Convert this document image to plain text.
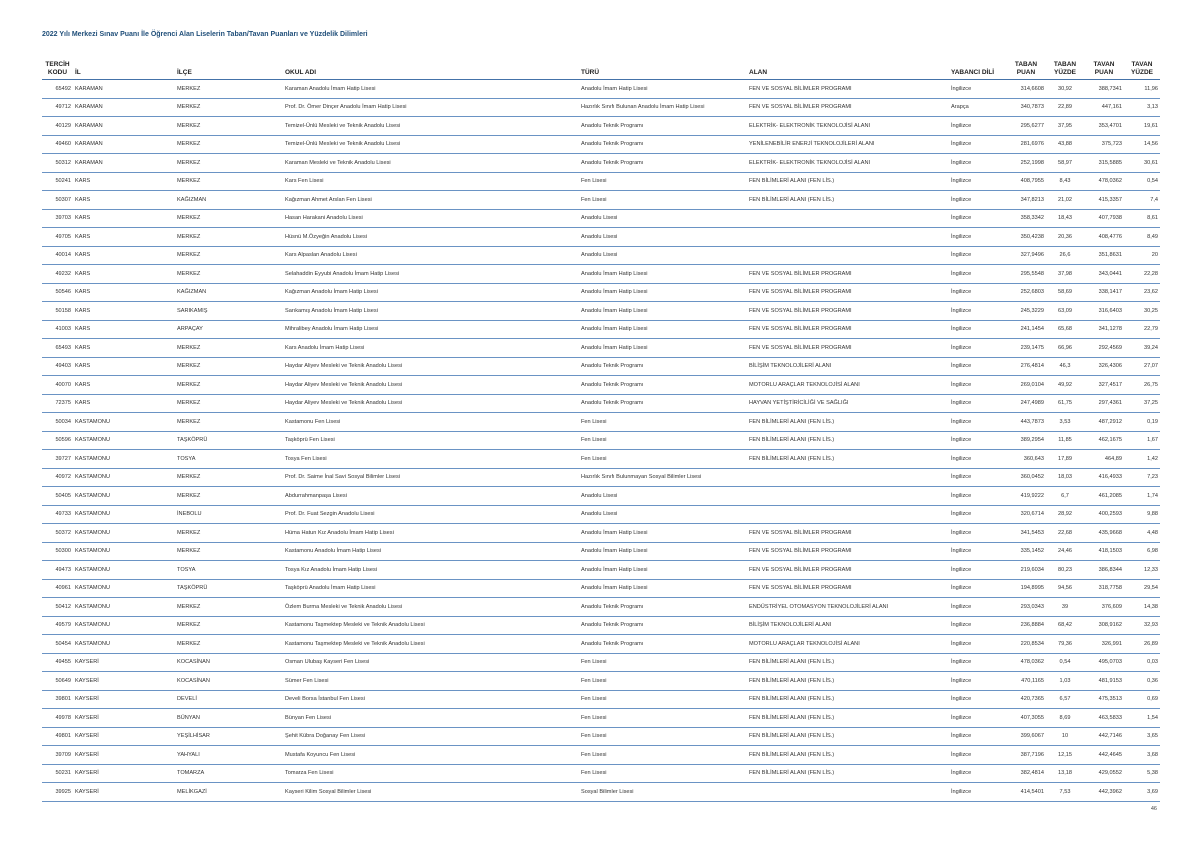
2022 Yılı Merkezi Sınav Puanı İle Öğrenci Alan Liselerin Taban/Tavan Puanları ve Yüzdelik Dilimleri
TERCİH KODU	İL	İLÇE	OKUL ADI	TÜRÜ	ALAN	YABANCI DİLİ	TABAN PUAN	TABAN YÜZDE	TAVAN PUAN	TAVAN YÜZDE
65492	KARAMAN	MERKEZ	Karaman Anadolu İmam Hatip Lisesi	Anadolu İmam Hatip Lisesi	FEN VE SOSYAL BİLİMLER PROGRAMI	İngilizce	314,6608	30,92	388,7341	11,96
49712	KARAMAN	MERKEZ	Prof. Dr. Ömer Dinçer Anadolu İmam Hatip Lisesi	Hazırlık Sınıfı Bulunan Anadolu İmam Hatip Lisesi	FEN VE SOSYAL BİLİMLER PROGRAMI	Arapça	340,7873	22,89	447,161	3,13
40129	KARAMAN	MERKEZ	Temizel-Ünlü Mesleki ve Teknik Anadolu Lisesi	Anadolu Teknik Programı	ELEKTRİK- ELEKTRONİK TEKNOLOJİSİ ALANI	İngilizce	295,6277	37,95	353,4701	19,61
49460	KARAMAN	MERKEZ	Temizel-Ünlü Mesleki ve Teknik Anadolu Lisesi	Anadolu Teknik Programı	YENİLENEBİLİR ENERJİ TEKNOLOJİLERİ ALANI	İngilizce	281,6976	43,88	375,723	14,56
50312	KARAMAN	MERKEZ	Karaman Mesleki ve Teknik Anadolu Lisesi	Anadolu Teknik Programı	ELEKTRİK- ELEKTRONİK TEKNOLOJİSİ ALANI	İngilizce	252,1998	58,97	315,5885	30,61
50241	KARS	MERKEZ	Kars Fen Lisesi	Fen Lisesi	FEN BİLİMLERİ ALANI (FEN LİS.)	İngilizce	408,7955	8,43	478,0362	0,54
50307	KARS	KAĞIZMAN	Kağızman Ahmet Arslan Fen Lisesi	Fen Lisesi	FEN BİLİMLERİ ALANI (FEN LİS.)	İngilizce	347,8213	21,02	415,3357	7,4
39703	KARS	MERKEZ	Hasan Harakani Anadolu Lisesi	Anadolu Lisesi		İngilizce	358,3342	18,43	407,7938	8,61
49705	KARS	MERKEZ	Hüsnü M.Özyeğin Anadolu Lisesi	Anadolu Lisesi		İngilizce	350,4238	20,36	408,4776	8,49
40014	KARS	MERKEZ	Kars Alpaslan Anadolu Lisesi	Anadolu Lisesi		İngilizce	327,9496	26,6	351,8631	20
49232	KARS	MERKEZ	Selahaddin Eyyubi Anadolu İmam Hatip Lisesi	Anadolu İmam Hatip Lisesi	FEN VE SOSYAL BİLİMLER PROGRAMI	İngilizce	295,5548	37,98	343,0441	22,28
50546	KARS	KAĞIZMAN	Kağızman Anadolu İmam Hatip Lisesi	Anadolu İmam Hatip Lisesi	FEN VE SOSYAL BİLİMLER PROGRAMI	İngilizce	252,6803	58,69	338,1417	23,62
50158	KARS	SARIKAMIŞ	Sarıkamış Anadolu İmam Hatip Lisesi	Anadolu İmam Hatip Lisesi	FEN VE SOSYAL BİLİMLER PROGRAMI	İngilizce	245,3229	63,09	316,6403	30,25
41003	KARS	ARPAÇAY	Mihralibey Anadolu İmam Hatip Lisesi	Anadolu İmam Hatip Lisesi	FEN VE SOSYAL BİLİMLER PROGRAMI	İngilizce	241,1454	65,68	341,1278	22,79
65493	KARS	MERKEZ	Kars Anadolu İmam Hatip Lisesi	Anadolu İmam Hatip Lisesi	FEN VE SOSYAL BİLİMLER PROGRAMI	İngilizce	239,1475	66,96	292,4569	39,24
49403	KARS	MERKEZ	Haydar Aliyev Mesleki ve Teknik Anadolu Lisesi	Anadolu Teknik Programı	BİLİŞİM TEKNOLOJİLERİ ALANI	İngilizce	276,4814	46,3	326,4306	27,07
40070	KARS	MERKEZ	Haydar Aliyev Mesleki ve Teknik Anadolu Lisesi	Anadolu Teknik Programı	MOTORLU ARAÇLAR TEKNOLOJİSİ ALANI	İngilizce	269,0104	49,92	327,4517	26,75
72375	KARS	MERKEZ	Haydar Aliyev Mesleki ve Teknik Anadolu Lisesi	Anadolu Teknik Programı	HAYVAN YETİŞTİRİCİLİĞİ VE SAĞLIĞI	İngilizce	247,4989	61,75	297,4361	37,25
50034	KASTAMONU	MERKEZ	Kastamonu Fen Lisesi	Fen Lisesi	FEN BİLİMLERİ ALANI (FEN LİS.)	İngilizce	443,7873	3,53	487,2912	0,19
50596	KASTAMONU	TAŞKÖPRÜ	Taşköprü Fen Lisesi	Fen Lisesi	FEN BİLİMLERİ ALANI (FEN LİS.)	İngilizce	389,2954	11,85	462,1675	1,67
39727	KASTAMONU	TOSYA	Tosya Fen Lisesi	Fen Lisesi	FEN BİLİMLERİ ALANI (FEN LİS.)	İngilizce	360,643	17,89	464,89	1,42
40972	KASTAMONU	MERKEZ	Prof. Dr. Saime İnal Savi Sosyal Bilimler Lisesi	Hazırlık Sınıfı Bulunmayan Sosyal Bilimler Lisesi		İngilizce	360,0452	18,03	416,4933	7,23
50405	KASTAMONU	MERKEZ	Abdurrahmanpaşa Lisesi	Anadolu Lisesi		İngilizce	419,9222	6,7	461,2085	1,74
49733	KASTAMONU	İNEBOLU	Prof. Dr. Fuat Sezgin Anadolu Lisesi	Anadolu Lisesi		İngilizce	320,6714	28,92	400,2593	9,88
50372	KASTAMONU	MERKEZ	Hüma Hatun Kız Anadolu İmam Hatip Lisesi	Anadolu İmam Hatip Lisesi	FEN VE SOSYAL BİLİMLER PROGRAMI	İngilizce	341,5453	22,68	435,9668	4,48
50300	KASTAMONU	MERKEZ	Kastamonu Anadolu İmam Hatip Lisesi	Anadolu İmam Hatip Lisesi	FEN VE SOSYAL BİLİMLER PROGRAMI	İngilizce	335,1452	24,46	418,1503	6,98
49473	KASTAMONU	TOSYA	Tosya Kız Anadolu İmam Hatip Lisesi	Anadolu İmam Hatip Lisesi	FEN VE SOSYAL BİLİMLER PROGRAMI	İngilizce	219,6034	80,23	386,8344	12,33
40961	KASTAMONU	TAŞKÖPRÜ	Taşköprü Anadolu İmam Hatip Lisesi	Anadolu İmam Hatip Lisesi	FEN VE SOSYAL BİLİMLER PROGRAMI	İngilizce	194,8995	94,56	318,7758	29,54
50412	KASTAMONU	MERKEZ	Özlem Burma Mesleki ve Teknik Anadolu Lisesi	Anadolu Teknik Programı	ENDÜSTRİYEL OTOMASYON TEKNOLOJİLERİ ALANI	İngilizce	293,0343	39	376,609	14,38
49579	KASTAMONU	MERKEZ	Kastamonu Taşmektep Mesleki ve Teknik Anadolu Lisesi	Anadolu Teknik Programı	BİLİŞİM TEKNOLOJİLERİ ALANI	İngilizce	236,8884	68,42	308,9162	32,93
50454	KASTAMONU	MERKEZ	Kastamonu Taşmektep Mesleki ve Teknik Anadolu Lisesi	Anadolu Teknik Programı	MOTORLU ARAÇLAR TEKNOLOJİSİ ALANI	İngilizce	220,8534	79,36	326,991	26,89
49455	KAYSERİ	KOCASİNAN	Osman Ulubaş Kayseri Fen Lisesi	Fen Lisesi	FEN BİLİMLERİ ALANI (FEN LİS.)	İngilizce	478,0362	0,54	495,0703	0,03
50649	KAYSERİ	KOCASİNAN	Sümer Fen Lisesi	Fen Lisesi	FEN BİLİMLERİ ALANI (FEN LİS.)	İngilizce	470,1165	1,03	481,9153	0,36
39801	KAYSERİ	DEVELİ	Develi Borsa İstanbul Fen Lisesi	Fen Lisesi	FEN BİLİMLERİ ALANI (FEN LİS.)	İngilizce	420,7365	6,57	475,3513	0,69
49978	KAYSERİ	BÜNYAN	Bünyan Fen Lisesi	Fen Lisesi	FEN BİLİMLERİ ALANI (FEN LİS.)	İngilizce	407,3055	8,69	463,5833	1,54
49801	KAYSERİ	YEŞİLHİSAR	Şehit Kübra Doğanay Fen Lisesi	Fen Lisesi	FEN BİLİMLERİ ALANI (FEN LİS.)	İngilizce	399,6067	10	442,7146	3,65
39709	KAYSERİ	YAHYALI	Mustafa Koyuncu Fen Lisesi	Fen Lisesi	FEN BİLİMLERİ ALANI (FEN LİS.)	İngilizce	387,7196	12,15	442,4645	3,68
50231	KAYSERİ	TOMARZA	Tomarza Fen Lisesi	Fen Lisesi	FEN BİLİMLERİ ALANI (FEN LİS.)	İngilizce	382,4814	13,18	429,0552	5,38
39925	KAYSERİ	MELİKGAZİ	Kayseri Kilim Sosyal Bilimler Lisesi	Sosyal Bilimler Lisesi		İngilizce	414,5401	7,53	442,3962	3,69
46
